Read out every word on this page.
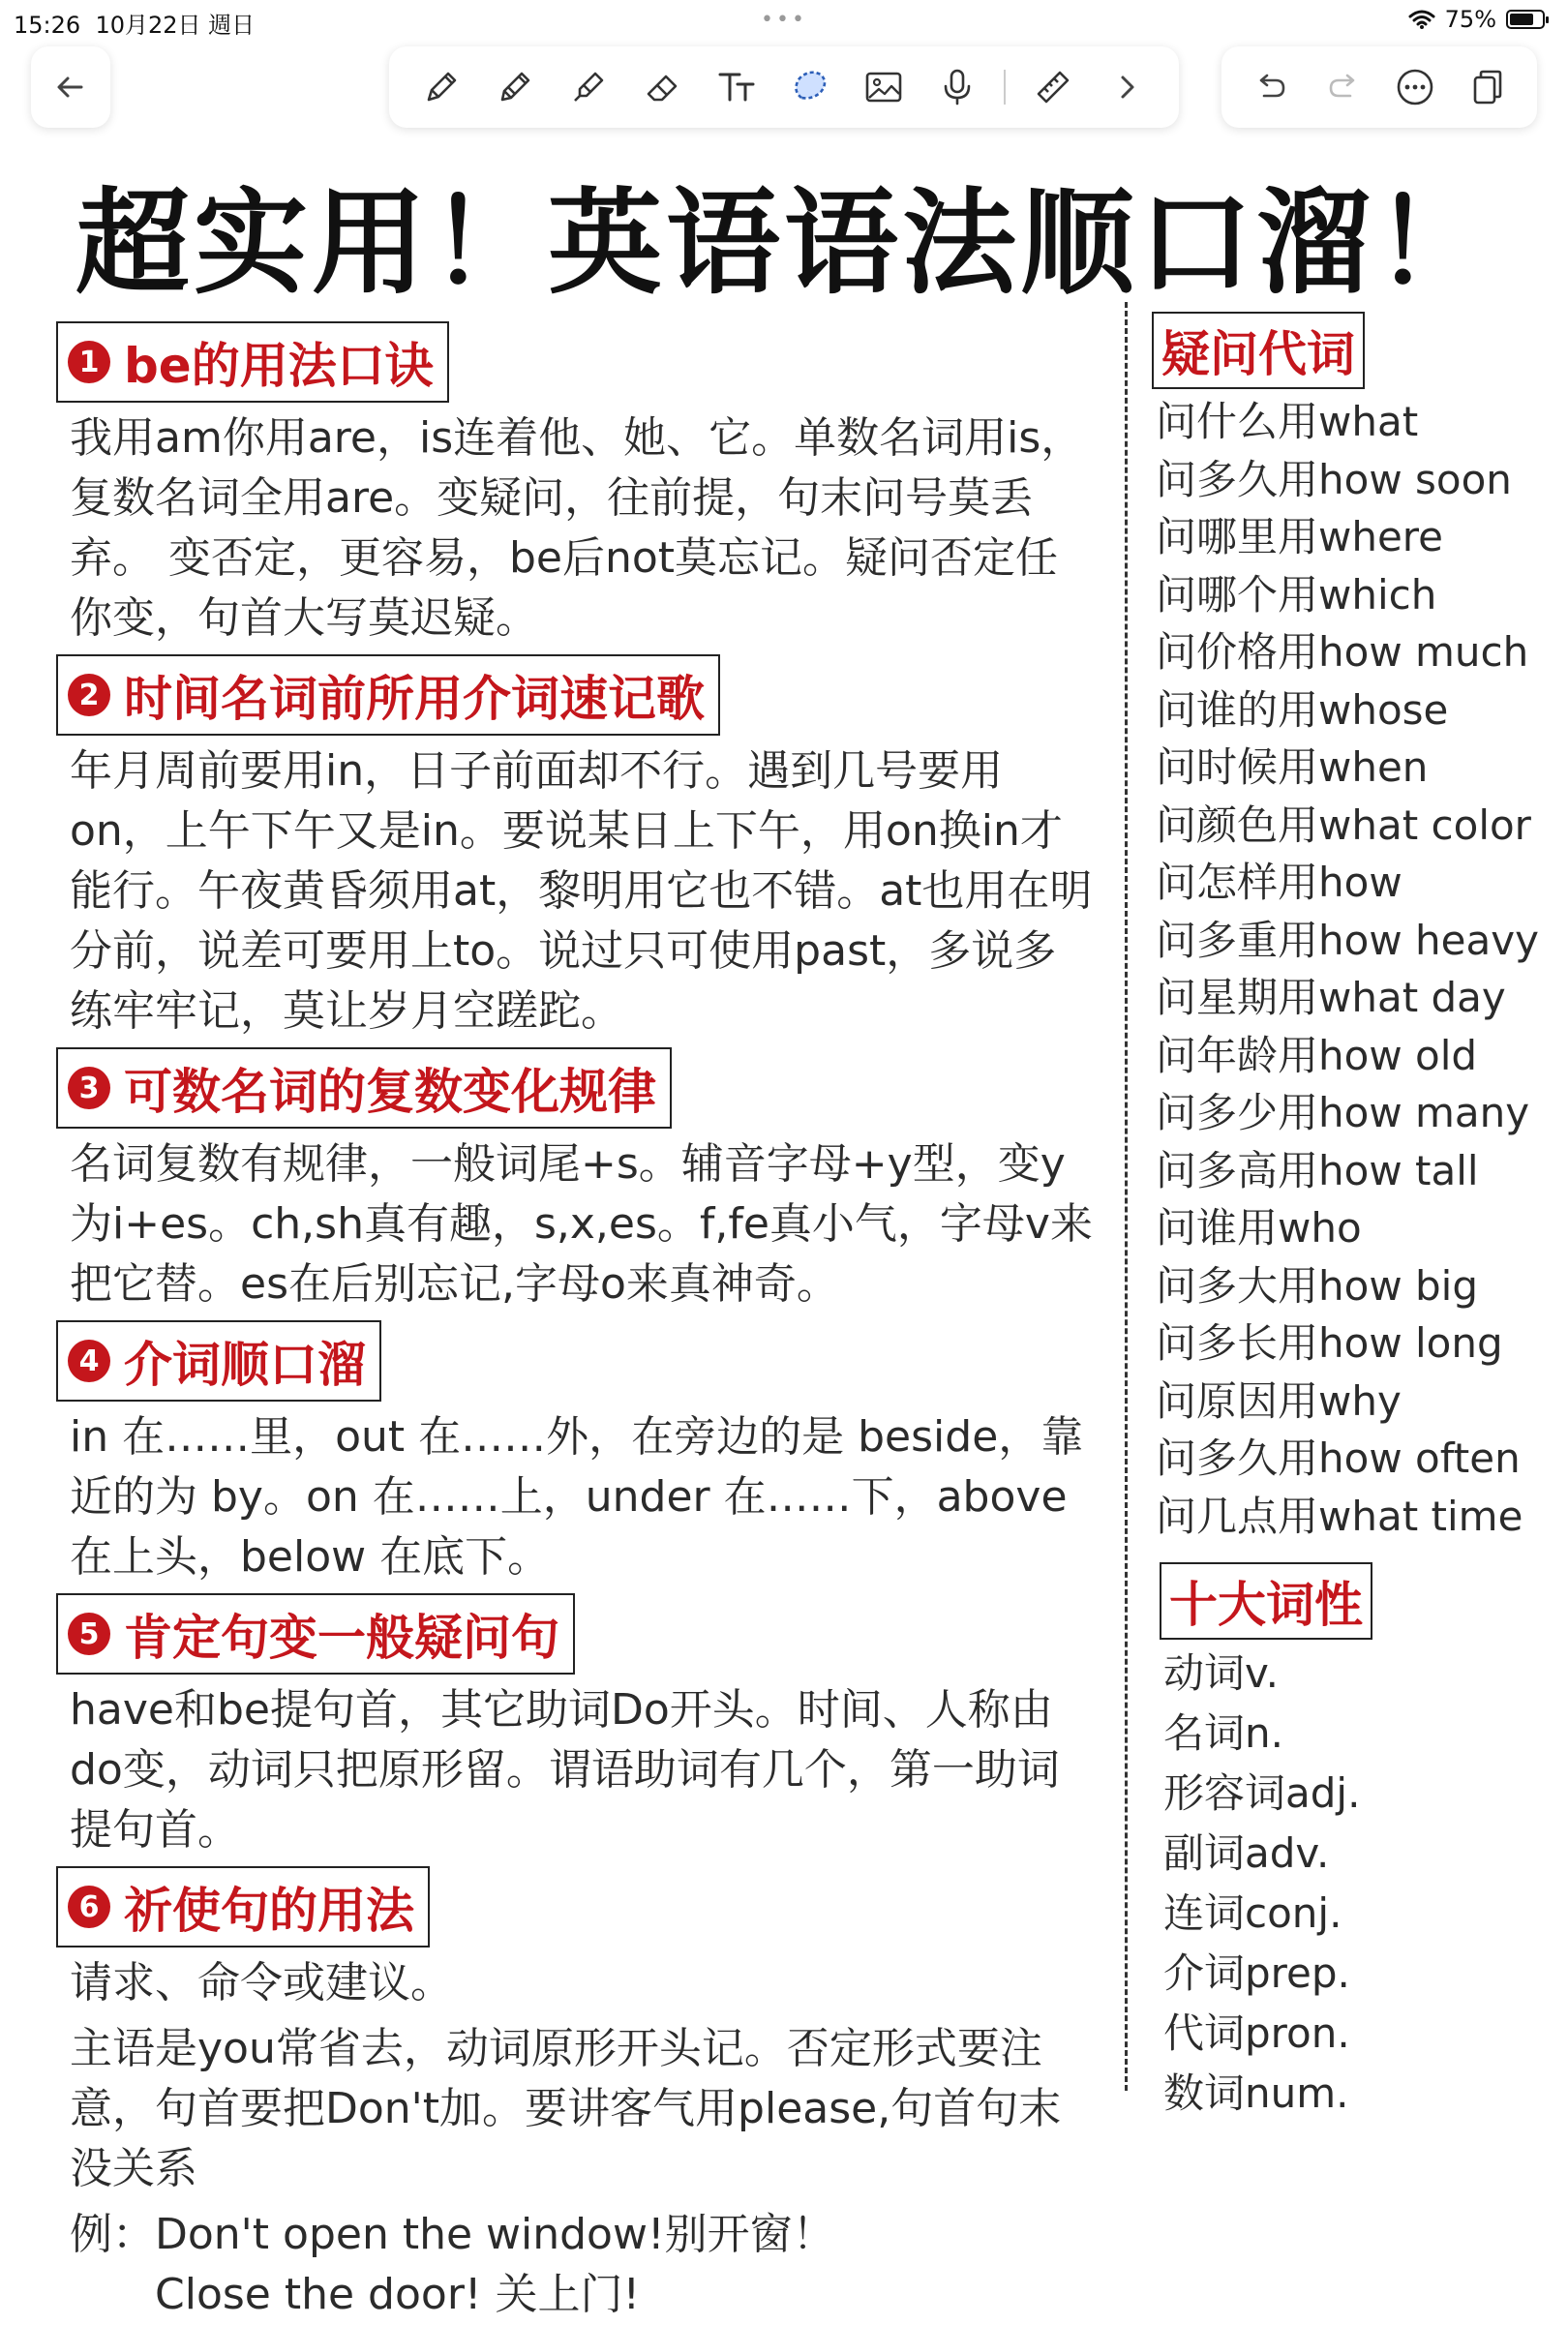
15:26 10月22日 週日	•••	75%
超实用！英语语法顺口溜！
1 be的用法口诀
我用am你用are，is连着他、她、它。单数名词用is，复数名词全用are。变疑问，往前提，句末问号莫丢弃。 变否定，更容易，be后not莫忘记。疑问否定任你变，句首大写莫迟疑。
2 时间名词前所用介词速记歌
年月周前要用in，日子前面却不行。遇到几号要用on，上午下午又是in。要说某日上下午，用on换in才能行。午夜黄昏须用at，黎明用它也不错。at也用在明分前，说差可要用上to。说过只可使用past，多说多练牢牢记，莫让岁月空蹉跎。
3 可数名词的复数变化规律
名词复数有规律，一般词尾+s。辅音字母+y型，变y为i+es。ch,sh真有趣，s,x,es。f,fe真小气，字母v来把它替。es在后别忘记,字母o来真神奇。
4 介词顺口溜
in 在……里，out 在……外，在旁边的是 beside，靠近的为 by。on 在……上，under 在……下，above 在上头，below 在底下。
5 肯定句变一般疑问句
have和be提句首，其它助词Do开头。时间、人称由do变，动词只把原形留。谓语助词有几个，第一助词提句首。
6 祈使句的用法
请求、命令或建议。
主语是you常省去，动词原形开头记。否定形式要注意，句首要把Don't加。要讲客气用please,句首句末没关系
例：Don't open the window!别开窗！
Close the door! 关上门!
疑问代词
问什么用what
问多久用how soon
问哪里用where
问哪个用which
问价格用how much
问谁的用whose
问时候用when
问颜色用what color
问怎样用how
问多重用how heavy
问星期用what day
问年龄用how old
问多少用how many
问多高用how tall
问谁用who
问多大用how big
问多长用how long
问原因用why
问多久用how often
问几点用what time
十大词性
动词v.
名词n.
形容词adj.
副词adv.
连词conj.
介词prep.
代词pron.
数词num.
